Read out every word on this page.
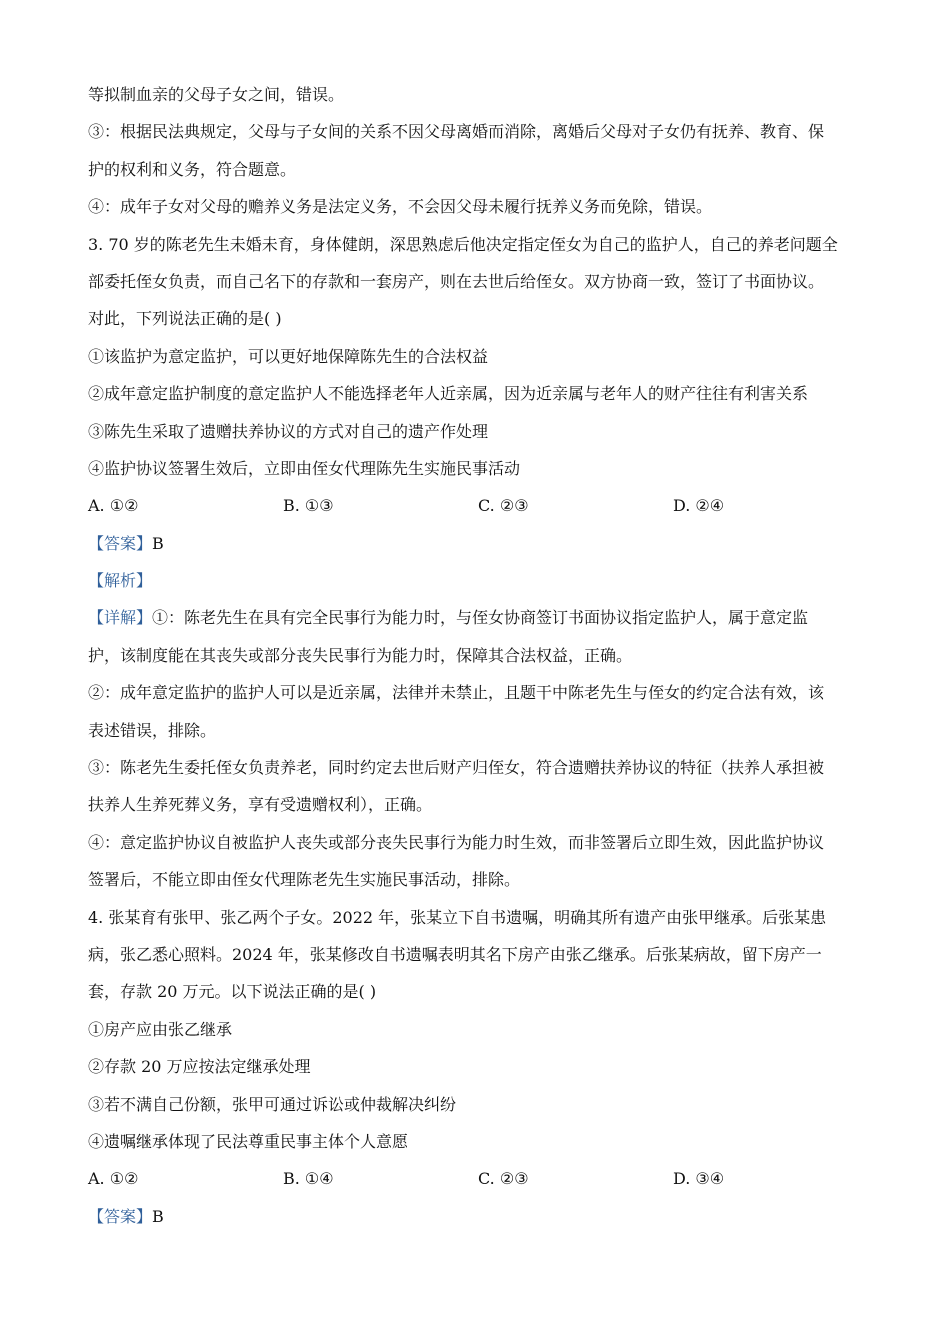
等拟制血亲的父母子女之间，错误。
③：根据民法典规定，父母与子女间的关系不因父母离婚而消除，离婚后父母对子女仍有抚养、教育、保
护的权利和义务，符合题意。
④：成年子女对父母的赡养义务是法定义务，不会因父母未履行抚养义务而免除，错误。
3. 70 岁的陈老先生未婚未育，身体健朗，深思熟虑后他决定指定侄女为自己的监护人，自己的养老问题全
部委托侄女负责，而自己名下的存款和一套房产，则在去世后给侄女。双方协商一致，签订了书面协议。
对此，下列说法正确的是( )
①该监护为意定监护，可以更好地保障陈先生的合法权益
②成年意定监护制度的意定监护人不能选择老年人近亲属，因为近亲属与老年人的财产往往有利害关系
③陈先生采取了遗赠扶养协议的方式对自己的遗产作处理
④监护协议签署生效后，立即由侄女代理陈先生实施民事活动
A. ①②	B. ①③	C. ②③	D. ②④
【答案】B
【解析】
【详解】①：陈老先生在具有完全民事行为能力时，与侄女协商签订书面协议指定监护人，属于意定监
护，该制度能在其丧失或部分丧失民事行为能力时，保障其合法权益，正确。
②：成年意定监护的监护人可以是近亲属，法律并未禁止，且题干中陈老先生与侄女的约定合法有效，该
表述错误，排除。
③：陈老先生委托侄女负责养老，同时约定去世后财产归侄女，符合遗赠扶养协议的特征（扶养人承担被
扶养人生养死葬义务，享有受遗赠权利），正确。
④：意定监护协议自被监护人丧失或部分丧失民事行为能力时生效，而非签署后立即生效，因此监护协议
签署后，不能立即由侄女代理陈老先生实施民事活动，排除。
4. 张某育有张甲、张乙两个子女。2022 年，张某立下自书遗嘱，明确其所有遗产由张甲继承。后张某患
病，张乙悉心照料。2024 年，张某修改自书遗嘱表明其名下房产由张乙继承。后张某病故，留下房产一
套，存款 20 万元。以下说法正确的是( )
①房产应由张乙继承
②存款 20 万应按法定继承处理
③若不满自己份额，张甲可通过诉讼或仲裁解决纠纷
④遗嘱继承体现了民法尊重民事主体个人意愿
A. ①②	B. ①④	C. ②③	D. ③④
【答案】B
